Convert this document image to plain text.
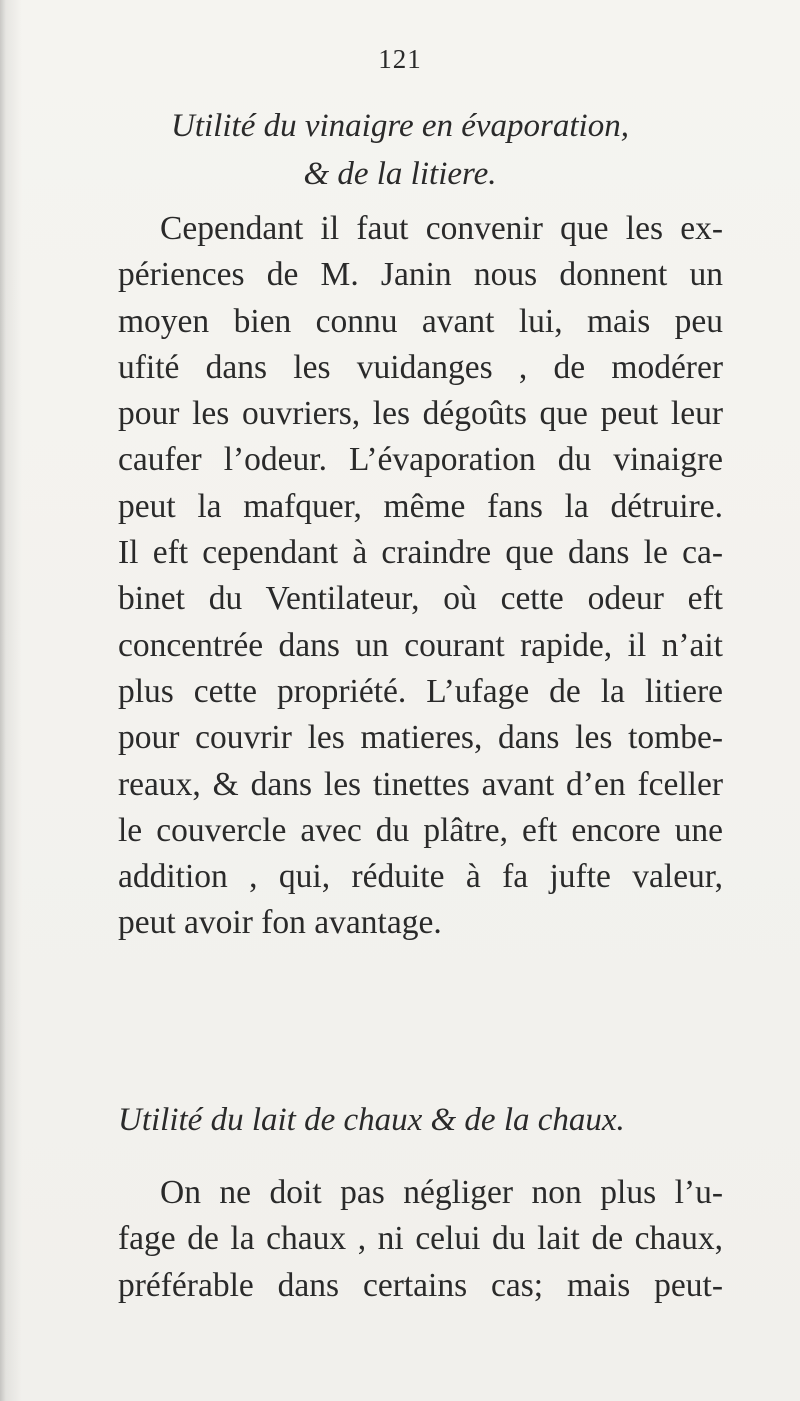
121
Utilité du vinaigre en évaporation,
& de la litiere.
Cependant il faut convenir que les ex-
périences de M. Janin nous donnent un
moyen bien connu avant lui, mais peu
ufité dans les vuidanges , de modérer
pour les ouvriers, les dégoûts que peut leur
caufer l’odeur. L’évaporation du vinaigre
peut la mafquer, même fans la détruire.
Il eft cependant à craindre que dans le ca-
binet du Ventilateur, où cette odeur eft
concentrée dans un courant rapide, il n’ait
plus cette propriété. L’ufage de la litiere
pour couvrir les matieres, dans les tombe-
reaux, & dans les tinettes avant d’en fceller
le couvercle avec du plâtre, eft encore une
addition , qui, réduite à fa jufte valeur,
peut avoir fon avantage.
Utilité du lait de chaux & de la chaux.
On ne doit pas négliger non plus l’u-
fage de la chaux , ni celui du lait de chaux,
préférable dans certains cas; mais peut-
